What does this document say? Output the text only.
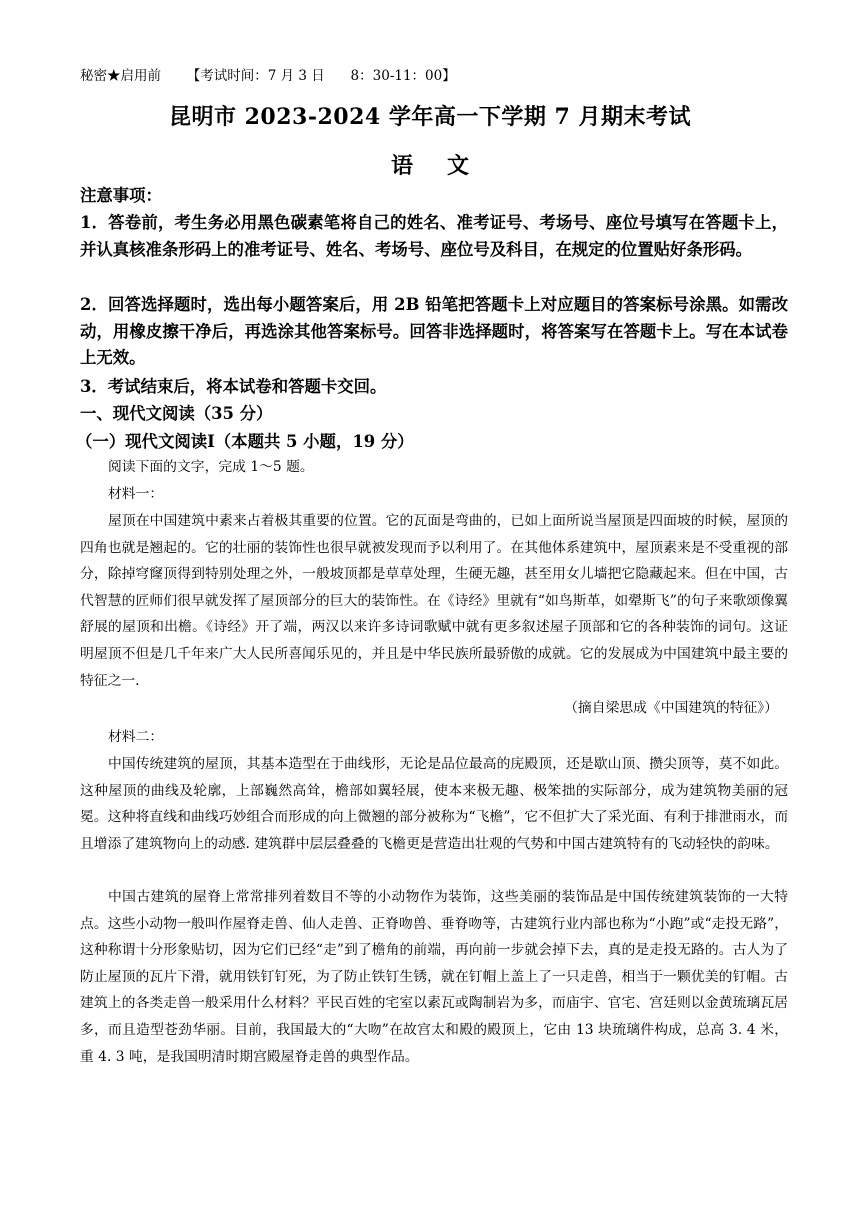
秘密★启用前 【考试时间：7 月 3 日      8：30-11：00】
昆明市 2023-2024 学年高一下学期 7 月期末考试
语文
注意事项：
1．答卷前，考生务必用黑色碳素笔将自己的姓名、准考证号、考场号、座位号填写在答题卡上，并认真核准条形码上的准考证号、姓名、考场号、座位号及科目，在规定的位置贴好条形码。
2．回答选择题时，选出每小题答案后，用 2B 铅笔把答题卡上对应题目的答案标号涂黑。如需改动，用橡皮擦干净后，再选涂其他答案标号。回答非选择题时，将答案写在答题卡上。写在本试卷上无效。
3．考试结束后，将本试卷和答题卡交回。
一、现代文阅读（35 分）
（一）现代文阅读Ⅰ（本题共 5 小题，19 分）
阅读下面的文字，完成 1～5 题。
材料一：
屋顶在中国建筑中素来占着极其重要的位置。它的瓦面是弯曲的，已如上面所说当屋顶是四面坡的时候，屋顶的四角也就是翘起的。它的壮丽的装饰性也很早就被发现而予以利用了。在其他体系建筑中，屋顶素来是不受重视的部分，除掉穹窿顶得到特别处理之外，一般坡顶都是草草处理，生硬无趣，甚至用女儿墙把它隐藏起来。但在中国，古代智慧的匠师们很早就发挥了屋顶部分的巨大的装饰性。在《诗经》里就有“如鸟斯革，如翚斯飞”的句子来歌颂像翼舒展的屋顶和出檐。《诗经》开了端，两汉以来许多诗词歌赋中就有更多叙述屋子顶部和它的各种装饰的词句。这证明屋顶不但是几千年来广大人民所喜闻乐见的，并且是中华民族所最骄傲的成就。它的发展成为中国建筑中最主要的特征之一.
（摘自梁思成《中国建筑的特征》）
材料二：
中国传统建筑的屋顶，其基本造型在于曲线形，无论是品位最高的庑殿顶，还是歇山顶、攒尖顶等，莫不如此。这种屋顶的曲线及轮廓，上部巍然高耸，檐部如翼轻展，使本来极无趣、极笨拙的实际部分，成为建筑物美丽的冠冕。这种将直线和曲线巧妙组合而形成的向上微翘的部分被称为“飞檐”，它不但扩大了采光面、有利于排泄雨水，而且增添了建筑物向上的动感. 建筑群中层层叠叠的飞檐更是营造出壮观的气势和中国古建筑特有的飞动轻快的韵味。
中国古建筑的屋脊上常常排列着数目不等的小动物作为装饰，这些美丽的装饰品是中国传统建筑装饰的一大特点。这些小动物一般叫作屋脊走兽、仙人走兽、正脊吻兽、垂脊吻等，古建筑行业内部也称为“小跑”或“走投无路”，这种称谓十分形象贴切，因为它们已经“走”到了檐角的前端，再向前一步就会掉下去，真的是走投无路的。古人为了防止屋顶的瓦片下滑，就用铁钉钉死，为了防止铁钉生锈，就在钉帽上盖上了一只走兽，相当于一颗优美的钉帽。古建筑上的各类走兽一般采用什么材料？平民百姓的宅室以素瓦或陶制岩为多，而庙宇、官宅、宫廷则以金黄琉璃瓦居多，而且造型苍劲华丽。目前，我国最大的“大吻”在故宫太和殿的殿顶上，它由 13 块琉璃件构成，总高 3. 4 米，重 4. 3 吨，是我国明清时期宫殿屋脊走兽的典型作品。
